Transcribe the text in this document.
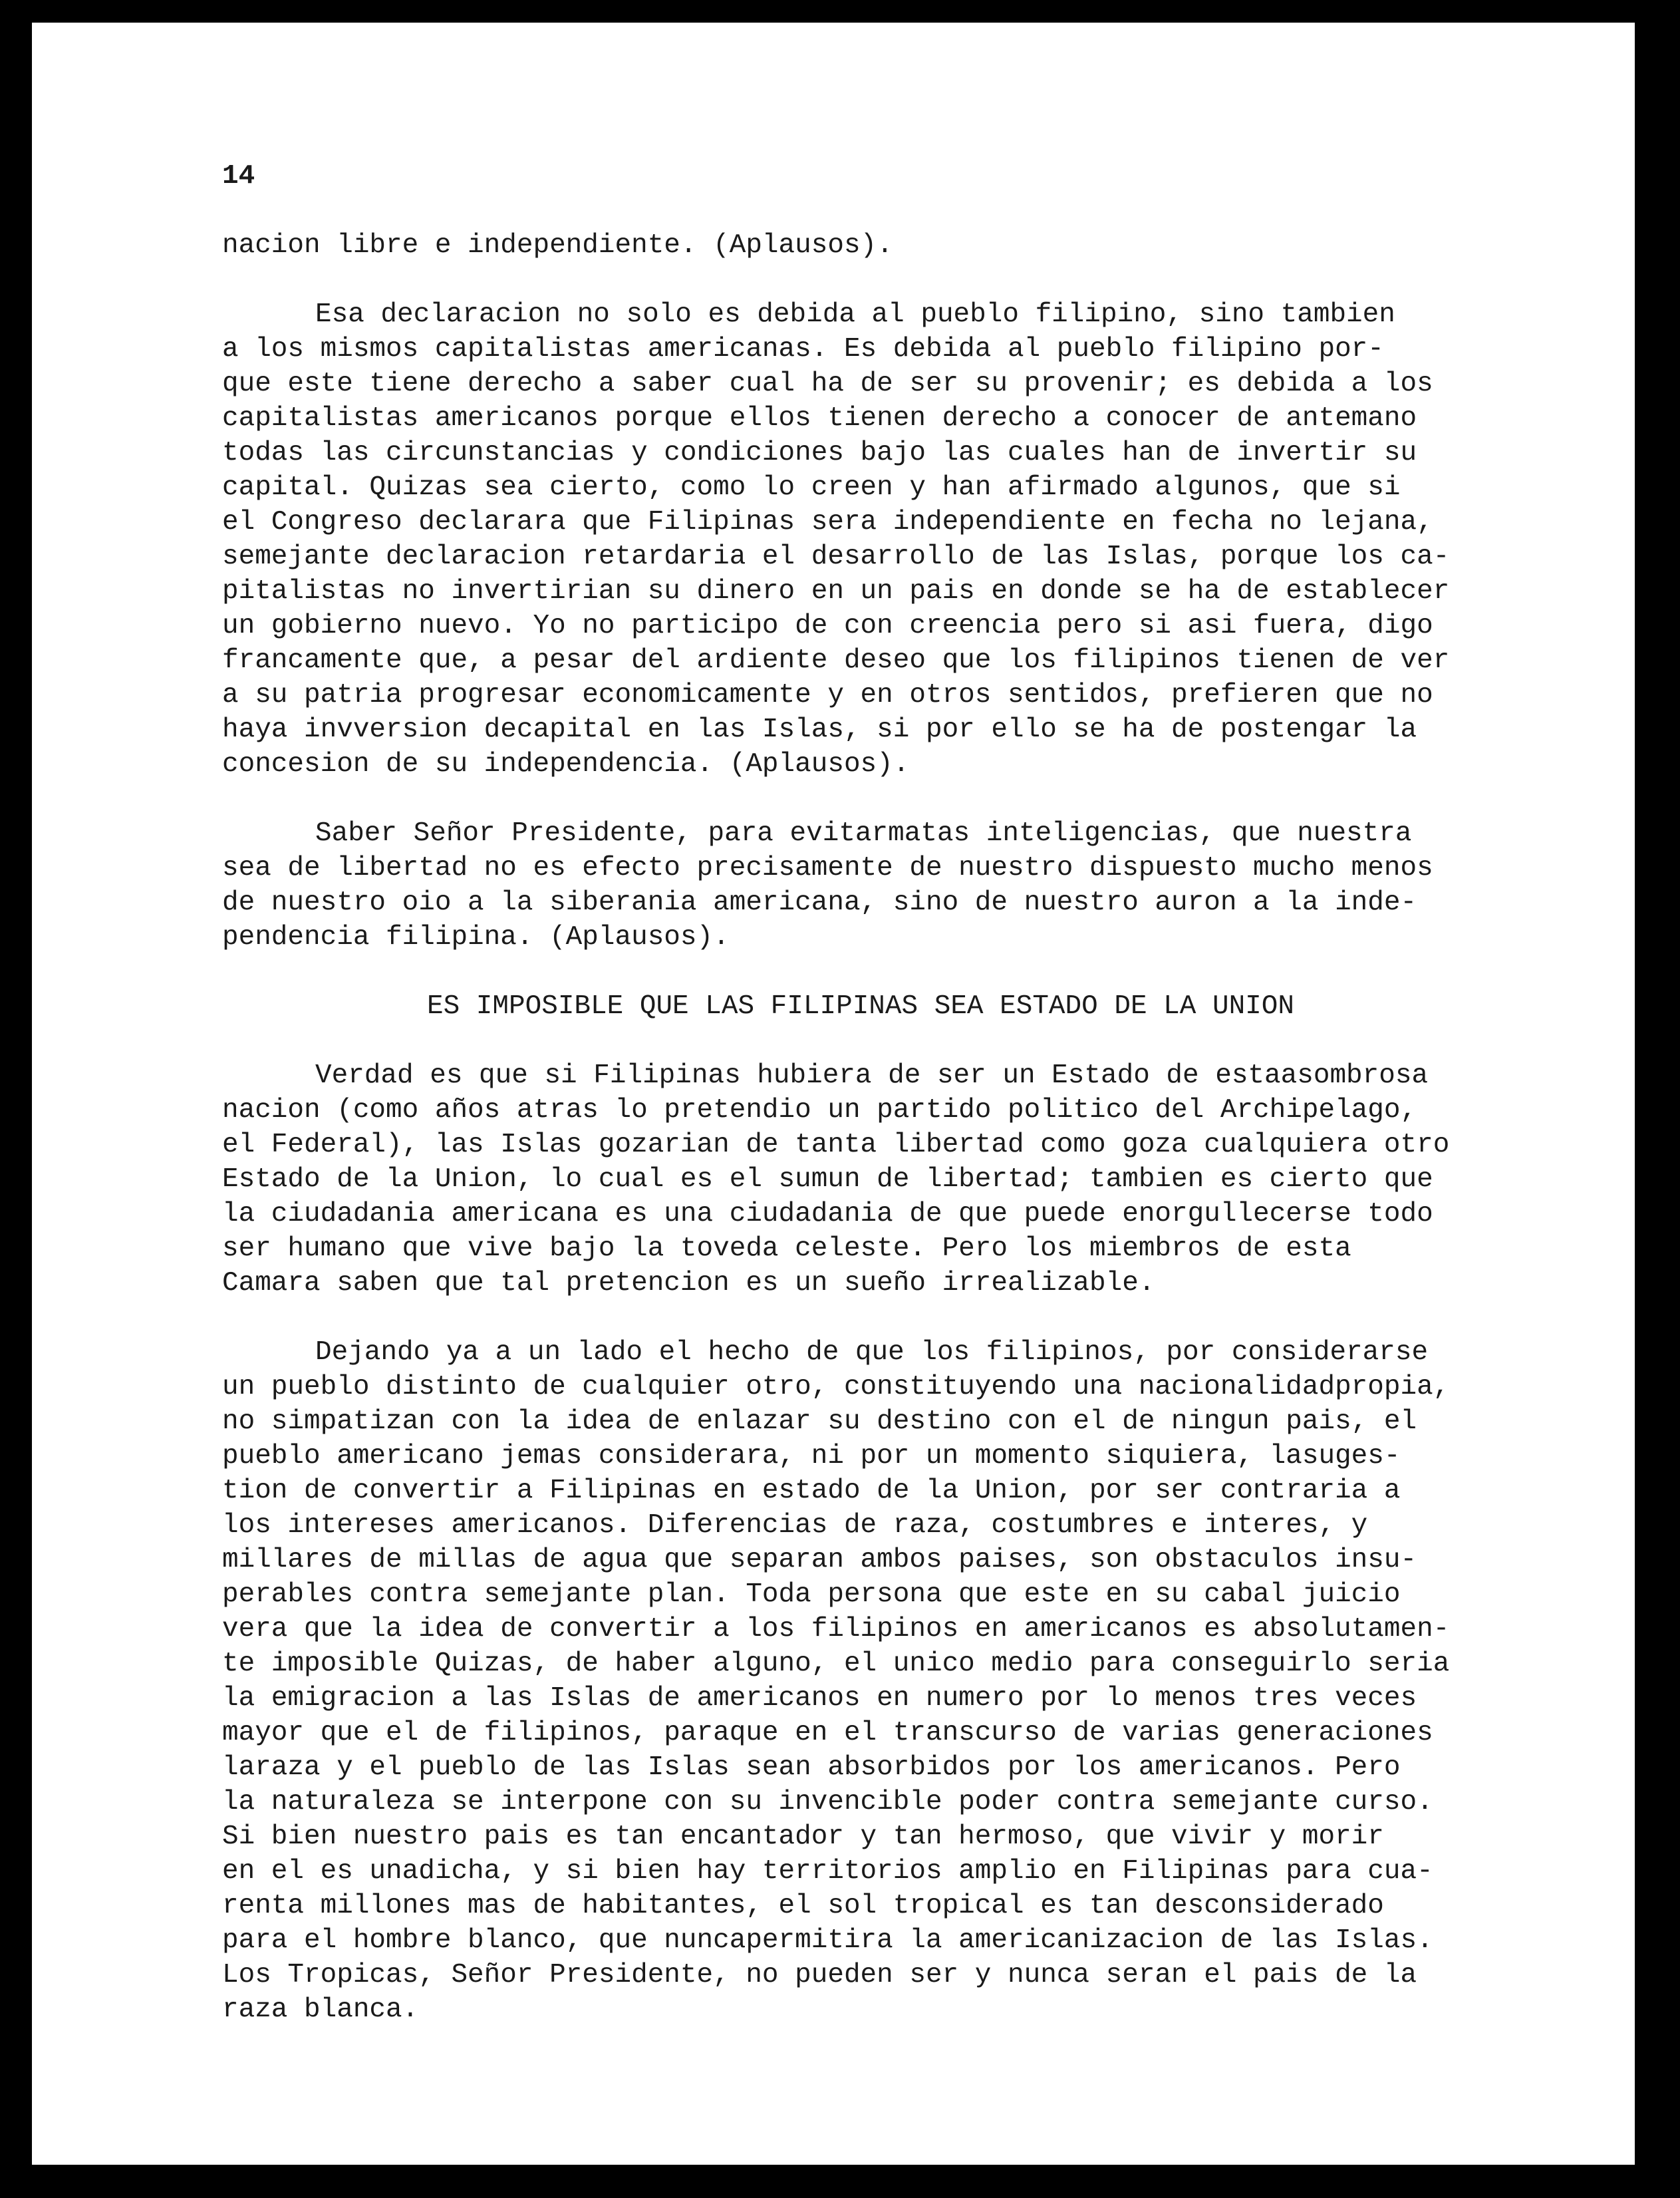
14

nacion libre e independiente. (Aplausos).

Esa declaracion no solo es debida al pueblo filipino, sino tambien
a los mismos capitalistas americanas. Es debida al pueblo filipino por-
que este tiene derecho a saber cual ha de ser su provenir; es debida a los
capitalistas americanos porque ellos tienen derecho a conocer de antemano
todas las circunstancias y condiciones bajo las cuales han de invertir su
capital. Quizas sea cierto, como lo creen y han afirmado algunos, que si
el Congreso declarara que Filipinas sera independiente en fecha no lejana,
semejante declaracion retardaria el desarrollo de las Islas, porque los ca-
pitalistas no invertirian su dinero en un pais en donde se ha de establecer
un gobierno nuevo. Yo no participo de con creencia pero si asi fuera, digo
francamente que, a pesar del ardiente deseo que los filipinos tienen de ver
a su patria progresar economicamente y en otros sentidos, prefieren que no
haya invversion decapital en las Islas, si por ello se ha de postengar la
concesion de su independencia. (Aplausos).

Saber Señor Presidente, para evitarmatas inteligencias, que nuestra
sea de libertad no es efecto precisamente de nuestro dispuesto mucho menos
de nuestro oio a la siberania americana, sino de nuestro auron a la inde-
pendencia filipina. (Aplausos).

ES IMPOSIBLE QUE LAS FILIPINAS SEA ESTADO DE LA UNION

Verdad es que si Filipinas hubiera de ser un Estado de estaasombrosa
nacion (como años atras lo pretendio un partido politico del Archipelago,
el Federal), las Islas gozarian de tanta libertad como goza cualquiera otro
Estado de la Union, lo cual es el sumun de libertad; tambien es cierto que
la ciudadania americana es una ciudadania de que puede enorgullecerse todo
ser humano que vive bajo la toveda celeste. Pero los miembros de esta
Camara saben que tal pretencion es un sueño irrealizable.

Dejando ya a un lado el hecho de que los filipinos, por considerarse
un pueblo distinto de cualquier otro, constituyendo una nacionalidadpropia,
no simpatizan con la idea de enlazar su destino con el de ningun pais, el
pueblo americano jemas considerara, ni por un momento siquiera, lasuges-
tion de convertir a Filipinas en estado de la Union, por ser contraria a
los intereses americanos. Diferencias de raza, costumbres e interes, y
millares de millas de agua que separan ambos paises, son obstaculos insu-
perables contra semejante plan. Toda persona que este en su cabal juicio
vera que la idea de convertir a los filipinos en americanos es absolutamen-
te imposible Quizas, de haber alguno, el unico medio para conseguirlo seria
la emigracion a las Islas de americanos en numero por lo menos tres veces
mayor que el de filipinos, paraque en el transcurso de varias generaciones
laraza y el pueblo de las Islas sean absorbidos por los americanos. Pero
la naturaleza se interpone con su invencible poder contra semejante curso.
Si bien nuestro pais es tan encantador y tan hermoso, que vivir y morir
en el es unadicha, y si bien hay territorios amplio en Filipinas para cua-
renta millones mas de habitantes, el sol tropical es tan desconsiderado
para el hombre blanco, que nuncapermitira la americanizacion de las Islas.
Los Tropicas, Señor Presidente, no pueden ser y nunca seran el pais de la
raza blanca.
